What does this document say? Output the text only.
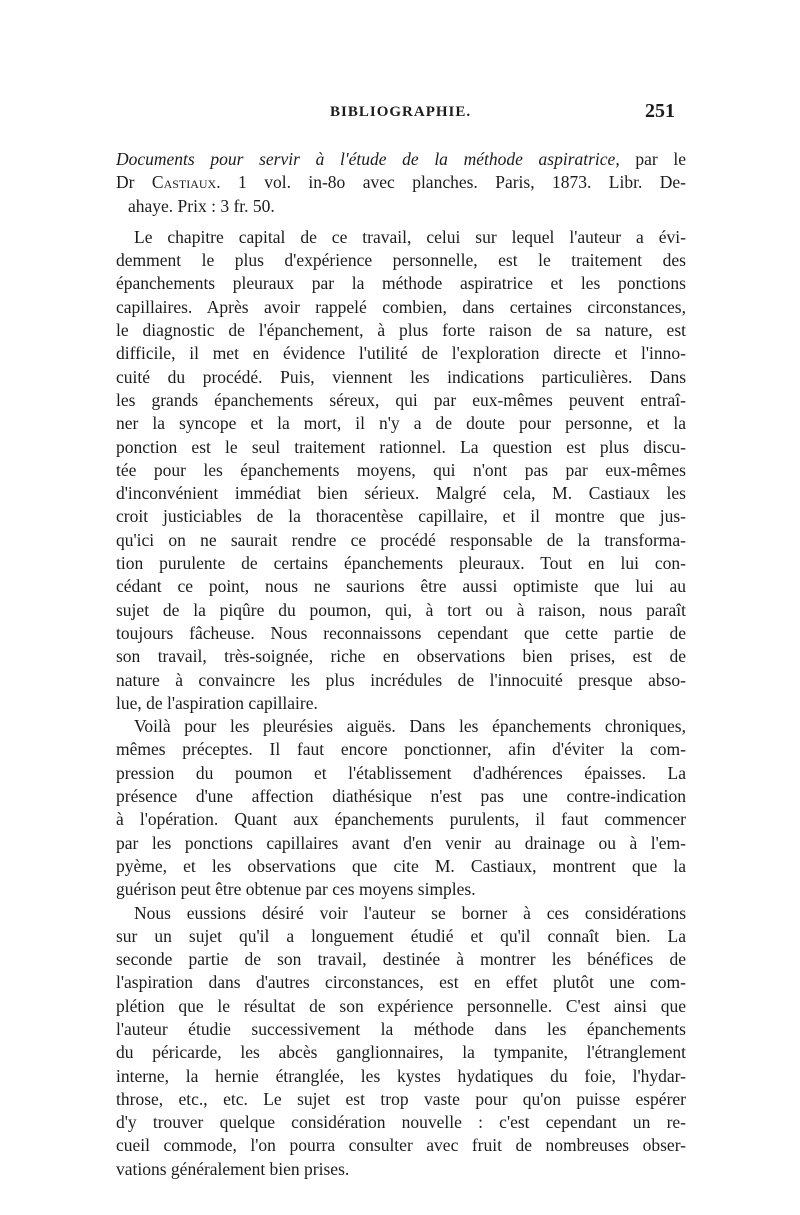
BIBLIOGRAPHIE.	251
Documents pour servir à l'étude de la méthode aspiratrice, par le
Dr Castiaux. 1 vol. in-8o avec planches. Paris, 1873. Libr. De-
ahaye. Prix : 3 fr. 50.
Le chapitre capital de ce travail, celui sur lequel l'auteur a évi-
demment le plus d'expérience personnelle, est le traitement des
épanchements pleuraux par la méthode aspiratrice et les ponctions
capillaires. Après avoir rappelé combien, dans certaines circonstances,
le diagnostic de l'épanchement, à plus forte raison de sa nature, est
difficile, il met en évidence l'utilité de l'exploration directe et l'inno-
cuité du procédé. Puis, viennent les indications particulières. Dans
les grands épanchements séreux, qui par eux-mêmes peuvent entraî-
ner la syncope et la mort, il n'y a de doute pour personne, et la
ponction est le seul traitement rationnel. La question est plus discu-
tée pour les épanchements moyens, qui n'ont pas par eux-mêmes
d'inconvénient immédiat bien sérieux. Malgré cela, M. Castiaux les
croit justiciables de la thoracentèse capillaire, et il montre que jus-
qu'ici on ne saurait rendre ce procédé responsable de la transforma-
tion purulente de certains épanchements pleuraux. Tout en lui con-
cédant ce point, nous ne saurions être aussi optimiste que lui au
sujet de la piqûre du poumon, qui, à tort ou à raison, nous paraît
toujours fâcheuse. Nous reconnaissons cependant que cette partie de
son travail, très-soignée, riche en observations bien prises, est de
nature à convaincre les plus incrédules de l'innocuité presque abso-
lue, de l'aspiration capillaire.
Voilà pour les pleurésies aiguës. Dans les épanchements chroniques,
mêmes préceptes. Il faut encore ponctionner, afin d'éviter la com-
pression du poumon et l'établissement d'adhérences épaisses. La
présence d'une affection diathésique n'est pas une contre-indication
à l'opération. Quant aux épanchements purulents, il faut commencer
par les ponctions capillaires avant d'en venir au drainage ou à l'em-
pyème, et les observations que cite M. Castiaux, montrent que la
guérison peut être obtenue par ces moyens simples.
Nous eussions désiré voir l'auteur se borner à ces considérations
sur un sujet qu'il a longuement étudié et qu'il connaît bien. La
seconde partie de son travail, destinée à montrer les bénéfices de
l'aspiration dans d'autres circonstances, est en effet plutôt une com-
plétion que le résultat de son expérience personnelle. C'est ainsi que
l'auteur étudie successivement la méthode dans les épanchements
du péricarde, les abcès ganglionnaires, la tympanite, l'étranglement
interne, la hernie étranglée, les kystes hydatiques du foie, l'hydar-
throse, etc., etc. Le sujet est trop vaste pour qu'on puisse espérer
d'y trouver quelque considération nouvelle : c'est cependant un re-
cueil commode, l'on pourra consulter avec fruit de nombreuses obser-
vations généralement bien prises.
